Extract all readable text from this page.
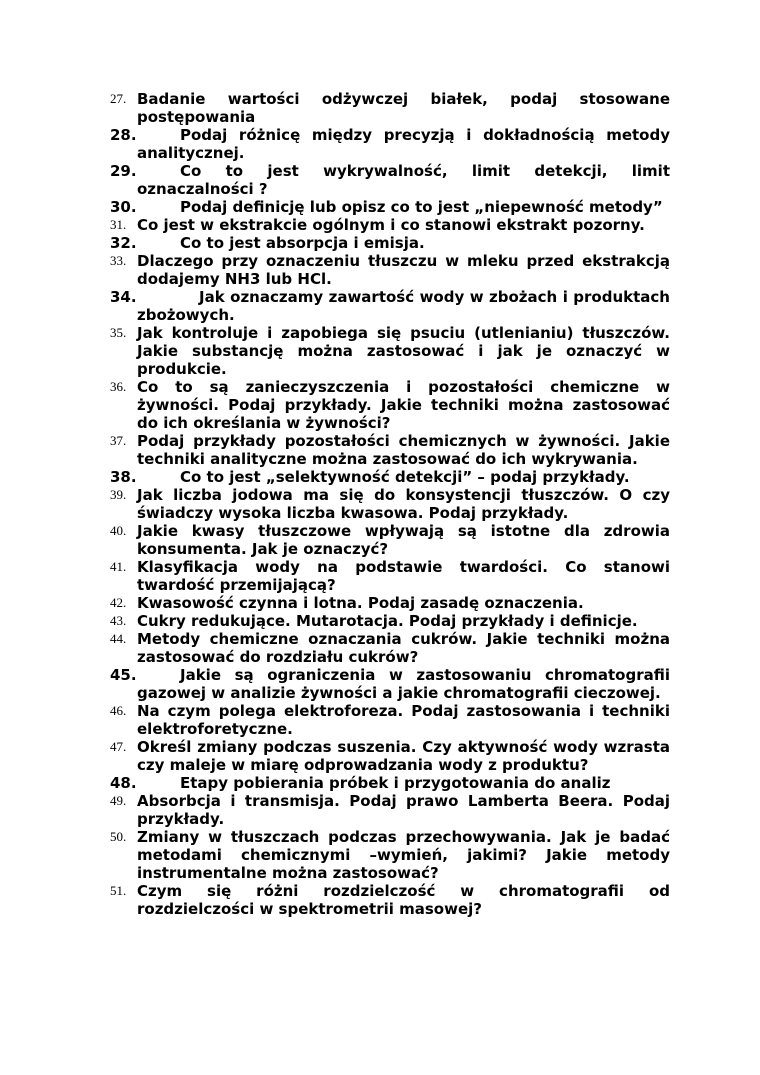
27. Badanie wartości odżywczej białek, podaj stosowane postępowania
28.	Podaj różnicę między precyzją i dokładnością metody analitycznej.
29.	Co to jest wykrywalność, limit detekcji, limit oznaczalności ?
30.	Podaj definicję lub opisz co to jest „niepewność metody”
31. Co jest w ekstrakcie ogólnym i co stanowi ekstrakt pozorny.
32.	Co to jest absorpcja i emisja.
33. Dlaczego przy oznaczeniu tłuszczu w mleku przed ekstrakcją dodajemy NH3 lub HCl.
34.	Jak oznaczamy zawartość wody w zbożach i produktach zbożowych.
35. Jak kontroluje i zapobiega się psuciu (utlenianiu) tłuszczów. Jakie substancję można zastosować i jak je oznaczyć w produkcie.
36. Co to są zanieczyszczenia i pozostałości chemiczne w żywności. Podaj przykłady. Jakie techniki można zastosować do ich określania w żywności?
37. Podaj przykłady pozostałości chemicznych w żywności. Jakie techniki analityczne można zastosować do ich wykrywania.
38.	Co to jest „selektywność detekcji” – podaj przykłady.
39. Jak liczba jodowa ma się do konsystencji tłuszczów. O czy świadczy wysoka liczba kwasowa. Podaj przykłady.
40. Jakie kwasy tłuszczowe wpływają są istotne dla zdrowia konsumenta. Jak je oznaczyć?
41. Klasyfikacja wody na podstawie twardości. Co stanowi twardość przemijającą?
42. Kwasowość czynna i lotna. Podaj zasadę oznaczenia.
43. Cukry redukujące. Mutarotacja. Podaj przykłady i definicje.
44. Metody chemiczne oznaczania cukrów. Jakie techniki można zastosować do rozdziału cukrów?
45.	Jakie są ograniczenia w zastosowaniu chromatografii gazowej w analizie żywności a jakie chromatografii cieczowej.
46. Na czym polega elektroforeza. Podaj zastosowania i techniki elektroforetyczne.
47. Określ zmiany podczas suszenia. Czy aktywność wody wzrasta czy maleje w miarę odprowadzania wody z produktu?
48.	Etapy pobierania próbek i przygotowania do analiz
49. Absorbcja i transmisja. Podaj prawo Lamberta Beera. Podaj przykłady.
50. Zmiany w tłuszczach podczas przechowywania. Jak je badać metodami chemicznymi –wymień, jakimi? Jakie metody instrumentalne można zastosować?
51. Czym się różni rozdzielczość w chromatografii od rozdzielczości w spektrometrii masowej?
